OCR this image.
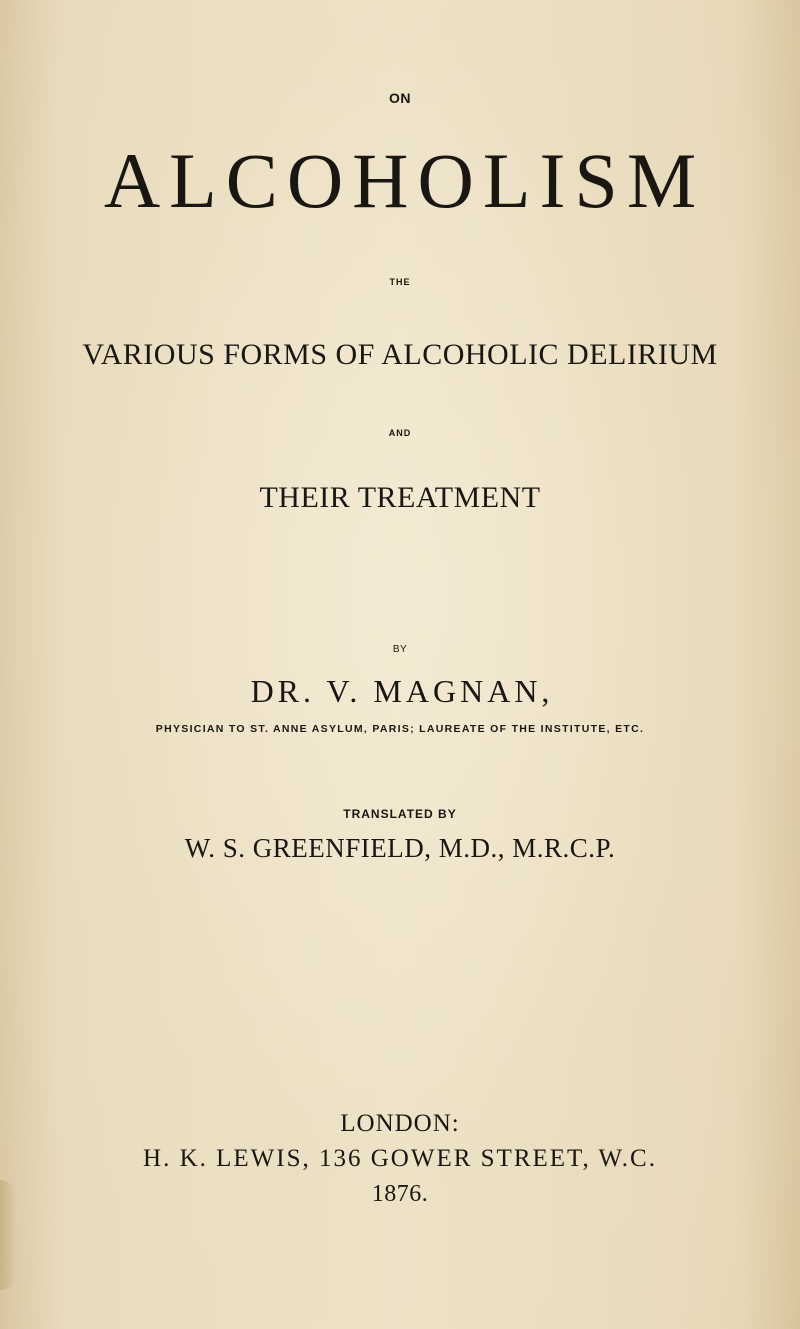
ON
ALCOHOLISM
THE
VARIOUS FORMS OF ALCOHOLIC DELIRIUM
AND
THEIR TREATMENT
BY
DR. V. MAGNAN,
PHYSICIAN TO ST. ANNE ASYLUM, PARIS; LAUREATE OF THE INSTITUTE, ETC.
TRANSLATED BY
W. S. GREENFIELD, M.D., M.R.C.P.
LONDON:
H. K. LEWIS, 136 GOWER STREET, W.C.
1876.
